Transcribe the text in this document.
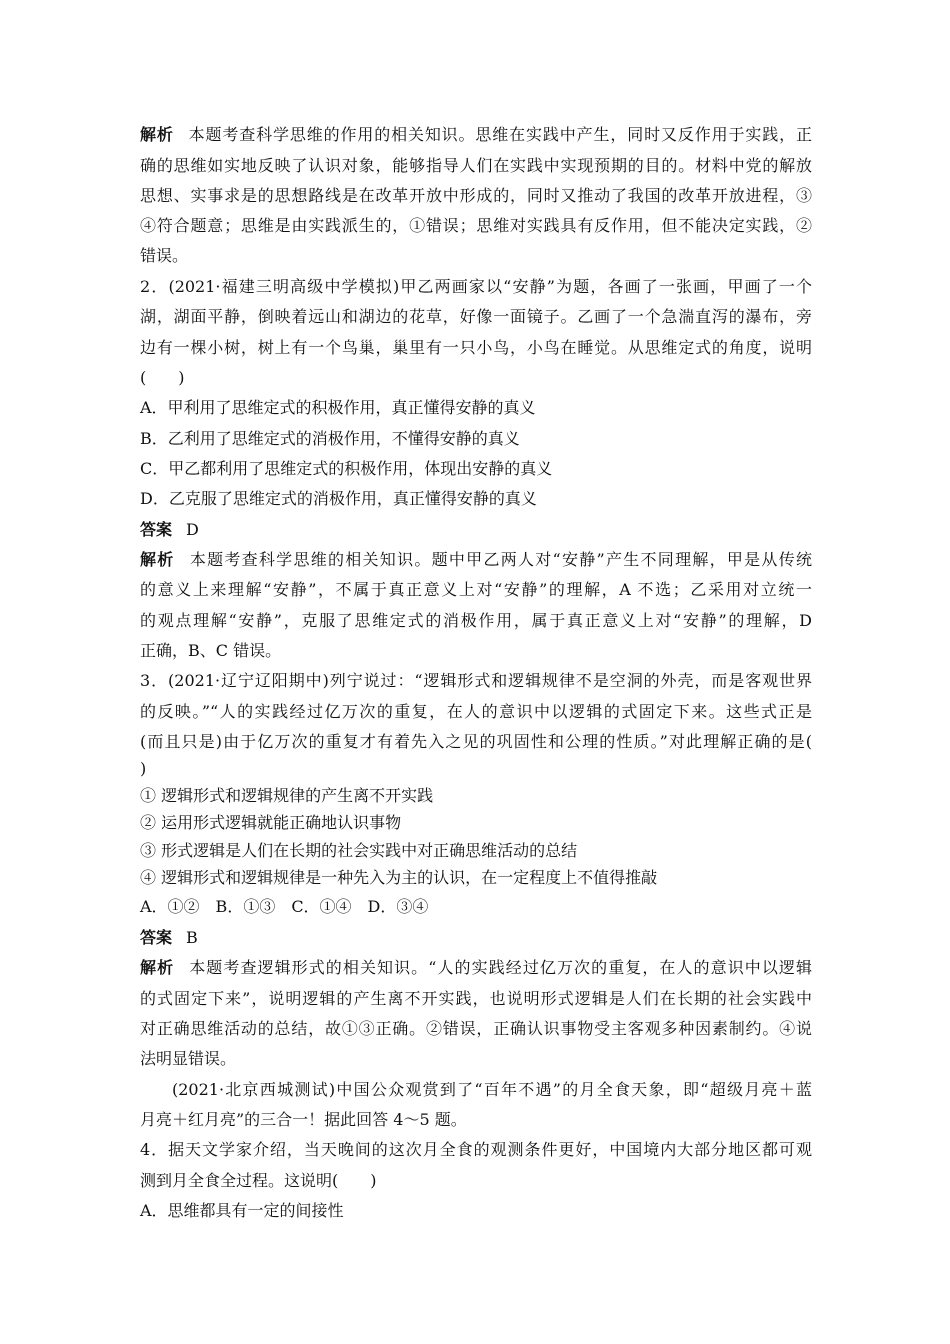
解析 本题考查科学思维的作用的相关知识。思维在实践中产生，同时又反作用于实践，正
确的思维如实地反映了认识对象，能够指导人们在实践中实现预期的目的。材料中党的解放
思想、实事求是的思想路线是在改革开放中形成的，同时又推动了我国的改革开放进程，③
④符合题意；思维是由实践派生的，①错误；思维对实践具有反作用，但不能决定实践，②
错误。
2．(2021·福建三明高级中学模拟)甲乙两画家以“安静”为题，各画了一张画，甲画了一个
湖，湖面平静，倒映着远山和湖边的花草，好像一面镜子。乙画了一个急湍直泻的瀑布，旁
边有一棵小树，树上有一个鸟巢，巢里有一只小鸟，小鸟在睡觉。从思维定式的角度，说明
(　　)
A．甲利用了思维定式的积极作用，真正懂得安静的真义
B．乙利用了思维定式的消极作用，不懂得安静的真义
C．甲乙都利用了思维定式的积极作用，体现出安静的真义
D．乙克服了思维定式的消极作用，真正懂得安静的真义
答案 D
解析 本题考查科学思维的相关知识。题中甲乙两人对“安静”产生不同理解，甲是从传统
的意义上来理解“安静”，不属于真正意义上对“安静”的理解，A 不选；乙采用对立统一
的观点理解“安静”，克服了思维定式的消极作用，属于真正意义上对“安静”的理解，D
正确，B、C 错误。
3．(2021·辽宁辽阳期中)列宁说过：“逻辑形式和逻辑规律不是空洞的外壳，而是客观世界
的反映。”“人的实践经过亿万次的重复，在人的意识中以逻辑的式固定下来。这些式正是
(而且只是)由于亿万次的重复才有着先入之见的巩固性和公理的性质。”对此理解正确的是(
)
① 逻辑形式和逻辑规律的产生离不开实践
② 运用形式逻辑就能正确地认识事物
③ 形式逻辑是人们在长期的社会实践中对正确思维活动的总结
④ 逻辑形式和逻辑规律是一种先入为主的认识，在一定程度上不值得推敲
A．①②　B．①③　C．①④　D．③④
答案 B
解析 本题考查逻辑形式的相关知识。“人的实践经过亿万次的重复，在人的意识中以逻辑
的式固定下来”，说明逻辑的产生离不开实践，也说明形式逻辑是人们在长期的社会实践中
对正确思维活动的总结，故①③正确。②错误，正确认识事物受主客观多种因素制约。④说
法明显错误。
(2021·北京西城测试)中国公众观赏到了“百年不遇”的月全食天象，即“超级月亮＋蓝
月亮＋红月亮”的三合一！据此回答 4～5 题。
4．据天文学家介绍，当天晚间的这次月全食的观测条件更好，中国境内大部分地区都可观
测到月全食全过程。这说明(　　)
A．思维都具有一定的间接性
